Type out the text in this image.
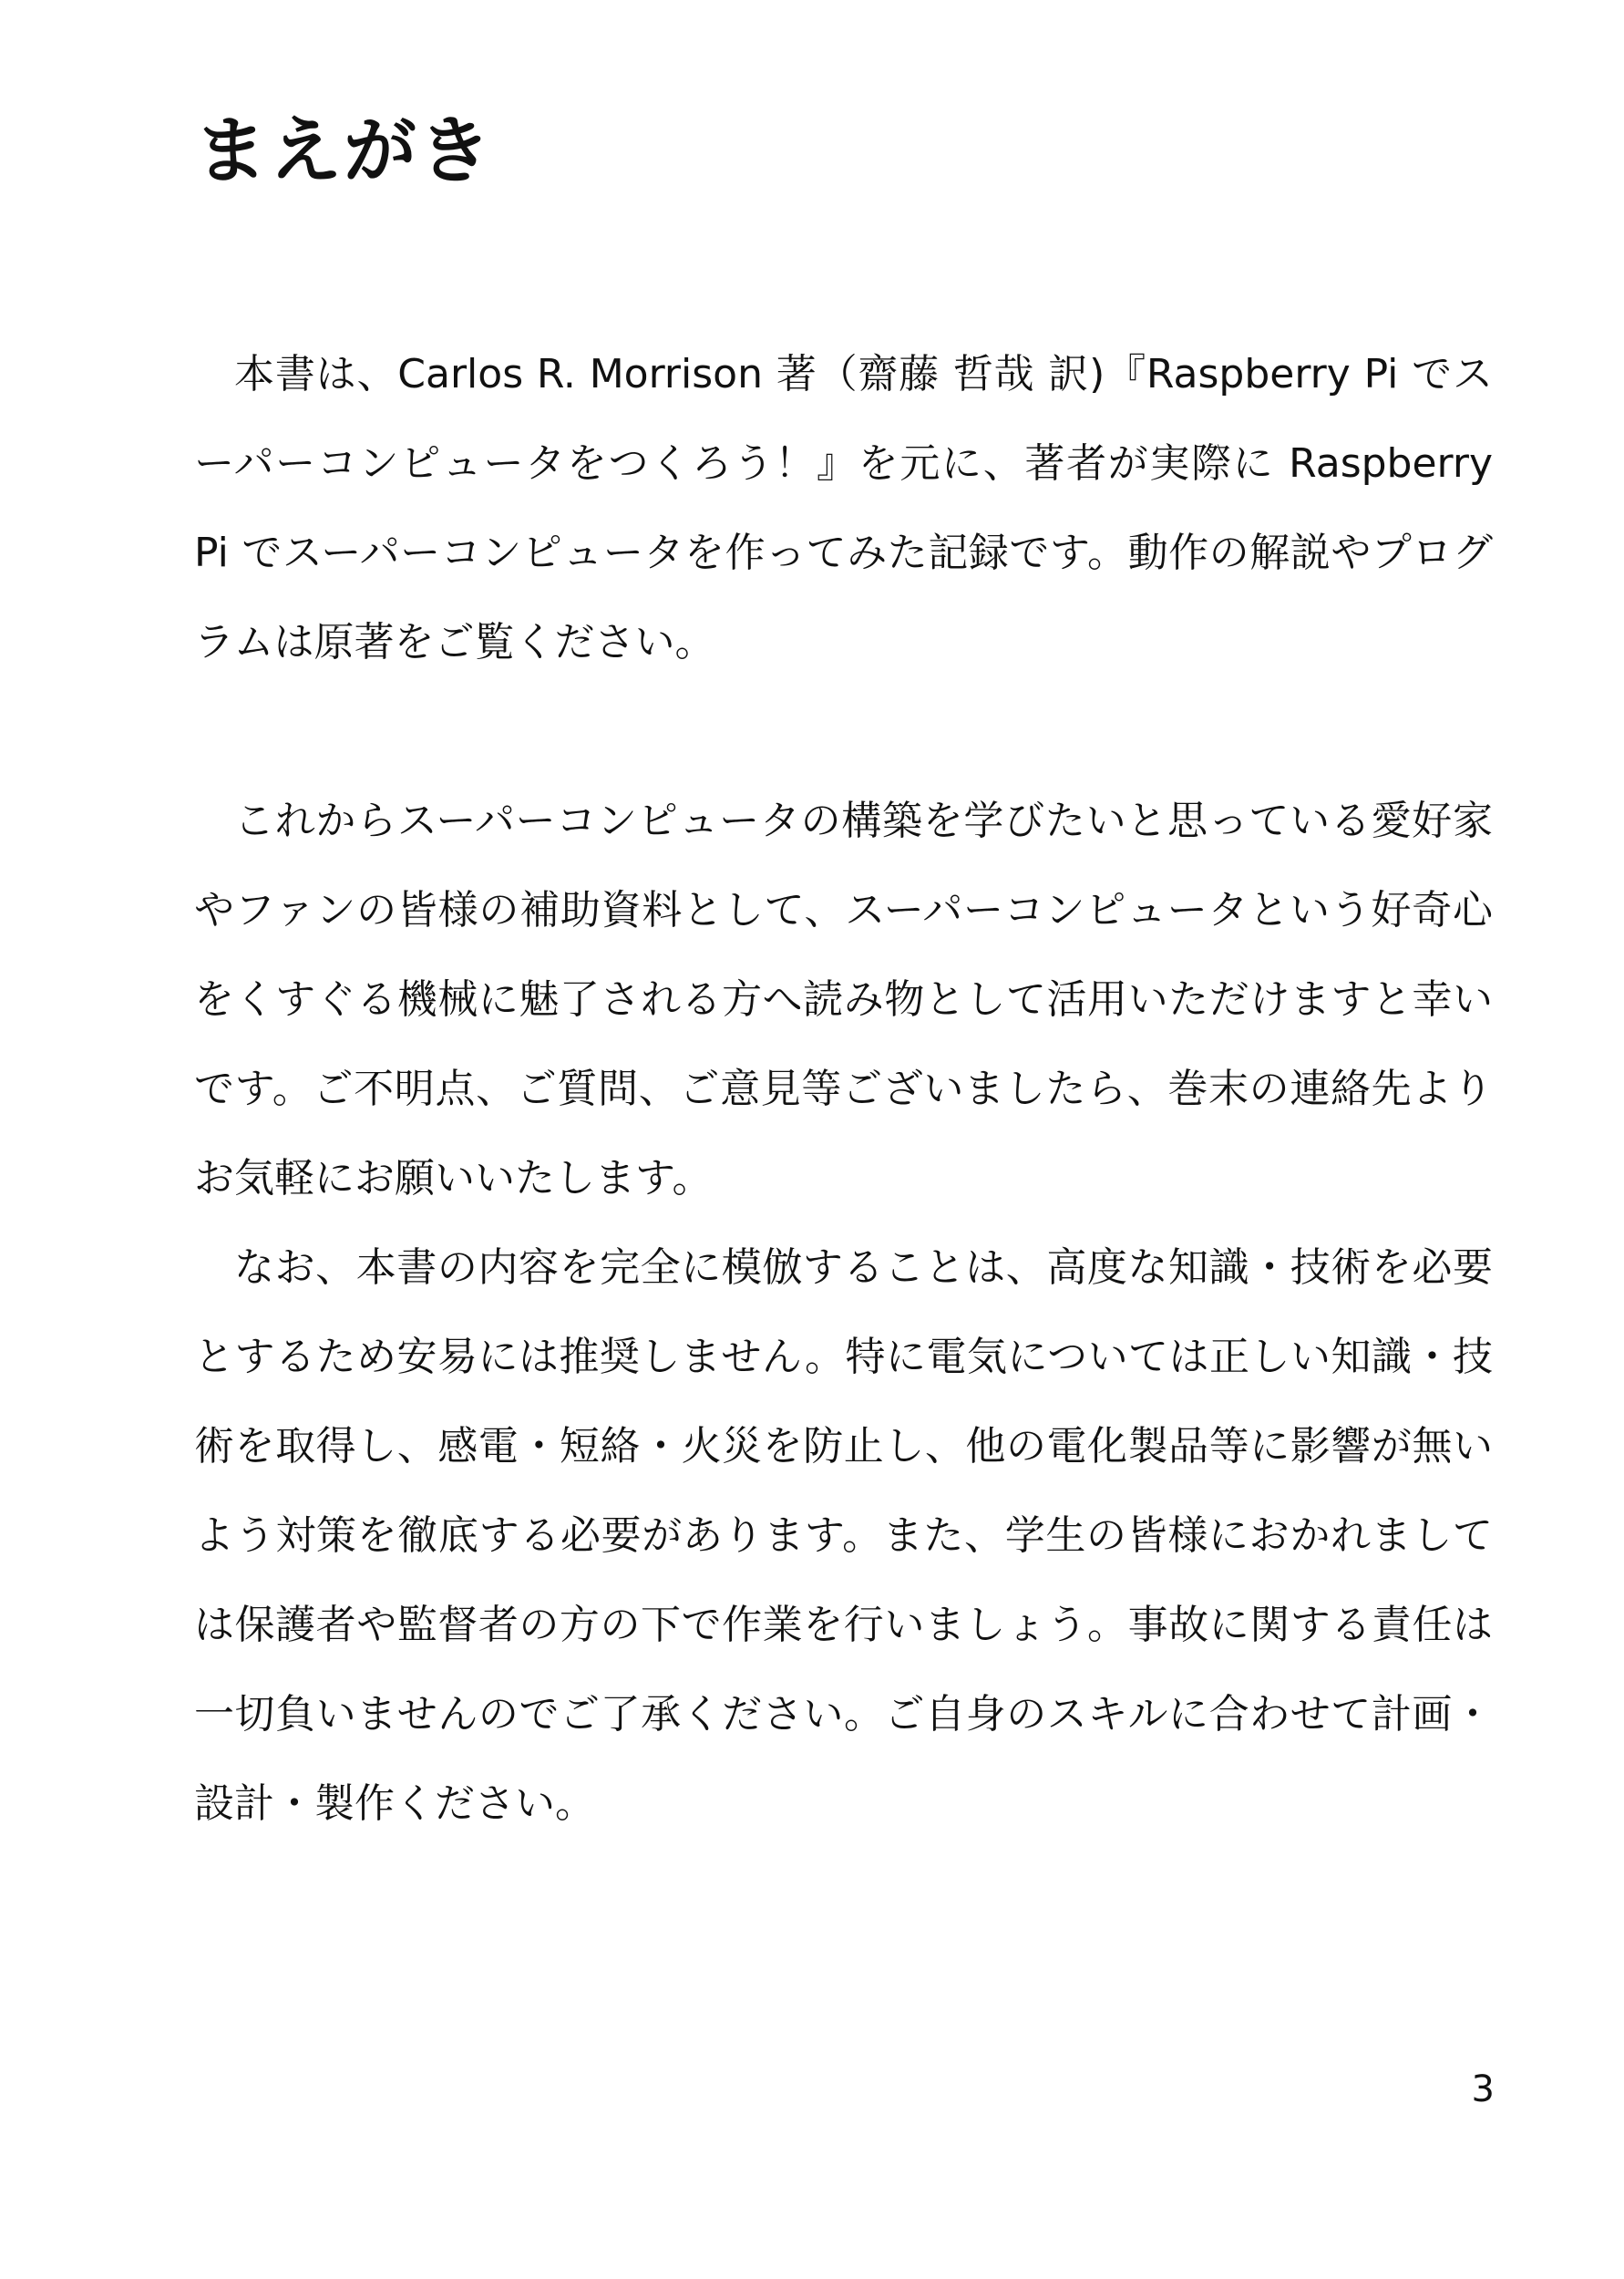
まえがき

本書は、Carlos R. Morrison 著（齋藤 哲哉 訳)『Raspberry Pi でスーパーコンピュータをつくろう！』を元に、著者が実際に Raspberry Pi でスーパーコンピュータを作ってみた記録です。動作の解説やプログラムは原著をご覧ください。

これからスーパーコンピュータの構築を学びたいと思っている愛好家やファンの皆様の補助資料として、スーパーコンピュータという好奇心をくすぐる機械に魅了される方へ読み物として活用いただけますと幸いです。ご不明点、ご質問、ご意見等ございましたら、巻末の連絡先よりお気軽にお願いいたします。

なお、本書の内容を完全に模倣することは、高度な知識・技術を必要とするため安易には推奨しません。特に電気については正しい知識・技術を取得し、感電・短絡・火災を防止し、他の電化製品等に影響が無いよう対策を徹底する必要があります。また、学生の皆様におかれましては保護者や監督者の方の下で作業を行いましょう。事故に関する責任は一切負いませんのでご了承ください。ご自身のスキルに合わせて計画・設計・製作ください。

3
